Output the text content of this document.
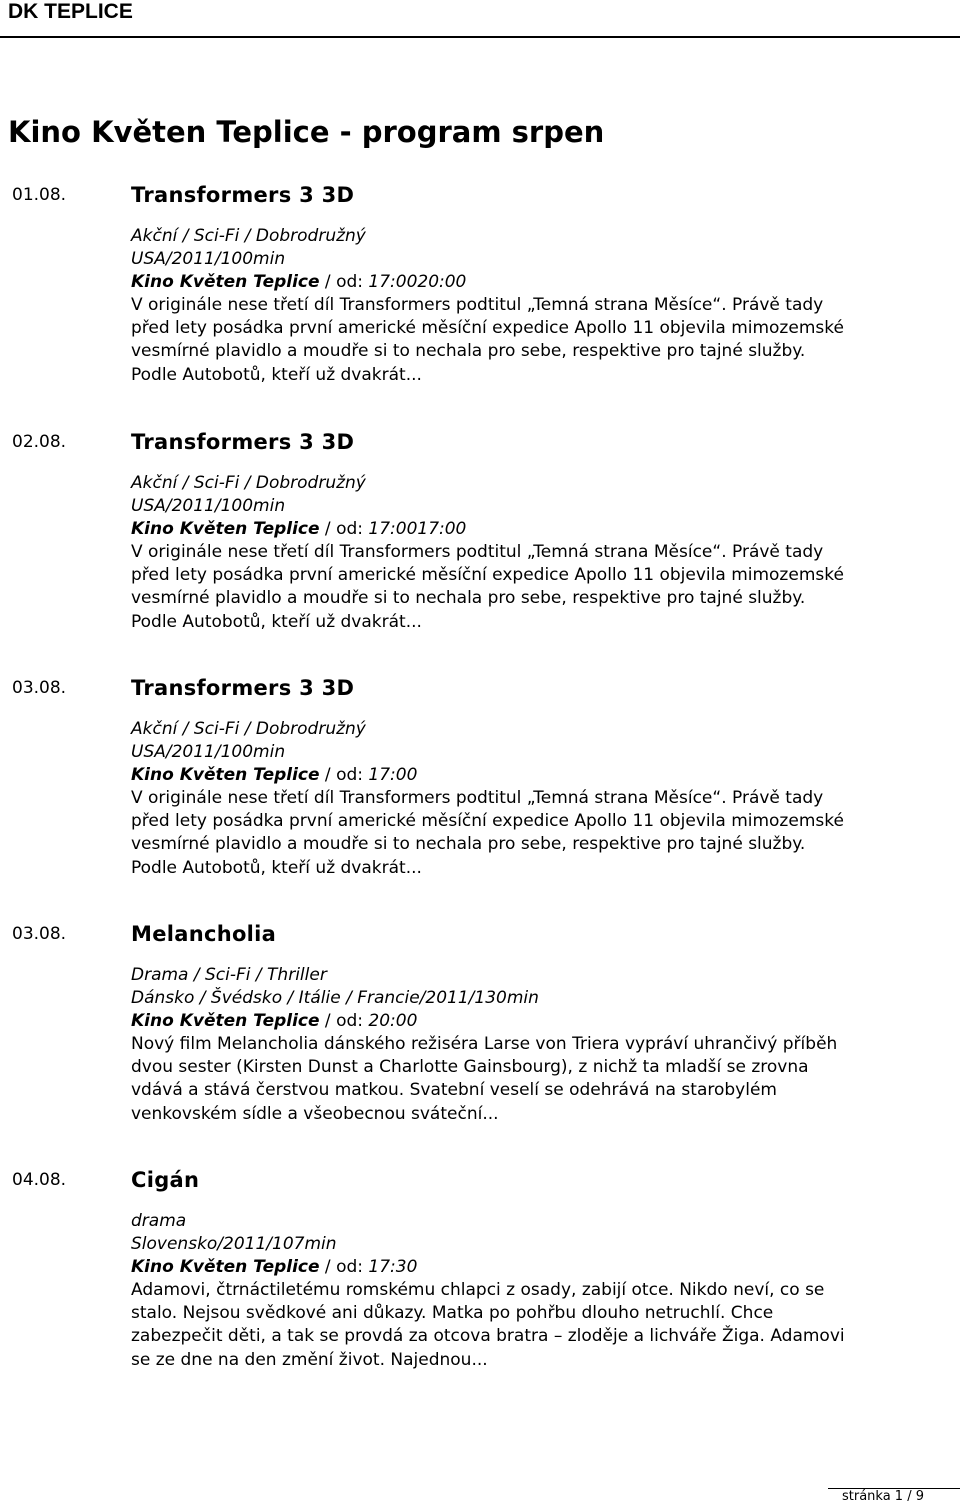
DK TEPLICE
Kino Květen Teplice - program srpen
01.08.	Transformers 3 3D

Akční / Sci-Fi / Dobrodružný

USA/2011/100min

Kino Květen Teplice / od: 17:0020:00

V originále nese třetí díl Transformers podtitul „Temná strana Měsíce“. Právě tady před lety posádka první americké měsíční expedice Apollo 11 objevila mimozemské vesmírné plavidlo a moudře si to nechala pro sebe, respektive pro tajné služby. Podle Autobotů, kteří už dvakrát...

02.08.	Transformers 3 3D

Akční / Sci-Fi / Dobrodružný

USA/2011/100min

Kino Květen Teplice / od: 17:0017:00

V originále nese třetí díl Transformers podtitul „Temná strana Měsíce“. Právě tady před lety posádka první americké měsíční expedice Apollo 11 objevila mimozemské vesmírné plavidlo a moudře si to nechala pro sebe, respektive pro tajné služby. Podle Autobotů, kteří už dvakrát...

03.08.	Transformers 3 3D

Akční / Sci-Fi / Dobrodružný

USA/2011/100min

Kino Květen Teplice / od: 17:00

V originále nese třetí díl Transformers podtitul „Temná strana Měsíce“. Právě tady před lety posádka první americké měsíční expedice Apollo 11 objevila mimozemské vesmírné plavidlo a moudře si to nechala pro sebe, respektive pro tajné služby. Podle Autobotů, kteří už dvakrát...

03.08.	Melancholia

Drama / Sci-Fi / Thriller

Dánsko / Švédsko / Itálie / Francie/2011/130min

Kino Květen Teplice / od: 20:00

Nový film Melancholia dánského režiséra Larse von Triera vypráví uhrančivý příběh dvou sester (Kirsten Dunst a Charlotte Gainsbourg), z nichž ta mladší se zrovna vdává a stává čerstvou matkou. Svatební veselí se odehrává na starobylém venkovském sídle a všeobecnou sváteční...

04.08.	Cigán

drama

Slovensko/2011/107min

Kino Květen Teplice / od: 17:30

Adamovi, čtrnáctiletému romskému chlapci z osady, zabijí otce. Nikdo neví, co se stalo. Nejsou svědkové ani důkazy. Matka po pohřbu dlouho netruchlí. Chce zabezpečit děti, a tak se provdá za otcova bratra – zloděje a lichváře Žiga. Adamovi se ze dne na den změní život. Najednou...

stránka 1 / 9
